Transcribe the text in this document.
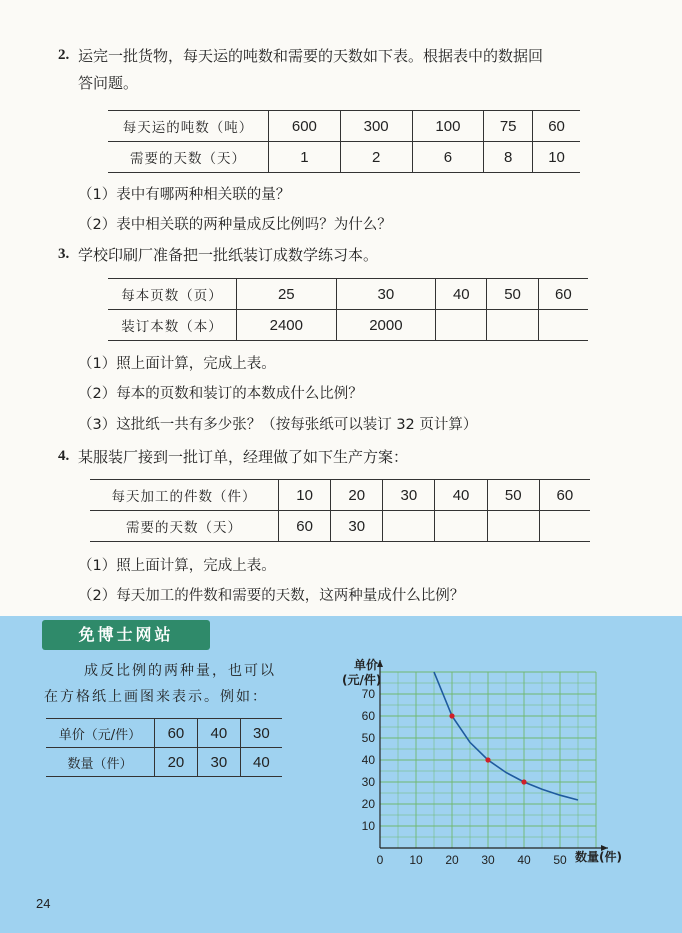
2. 运完一批货物，每天运的吨数和需要的天数如下表。根据表中的数据回
答问题。
每天运的吨数（吨）	600	300	100	75	60
需要的天数（天）	1	2	6	8	10
（1）表中有哪两种相关联的量？
（2）表中相关联的两种量成反比例吗？为什么？
3. 学校印刷厂准备把一批纸装订成数学练习本。
每本页数（页）	25	30	40	50	60
装订本数（本）	2400	2000			
（1）照上面计算，完成上表。
（2）每本的页数和装订的本数成什么比例？
（3）这批纸一共有多少张？（按每张纸可以装订 32 页计算）
4. 某服装厂接到一批订单，经理做了如下生产方案：
每天加工的件数（件）	10	20	30	40	50	60
需要的天数（天）	60	30				
（1）照上面计算，完成上表。
（2）每天加工的件数和需要的天数，这两种量成什么比例？
免博士网站
成反比例的两种量，也可以
在方格纸上画图来表示。例如：
单价（元/件）	60	40	30
数量（件）	20	30	40
0 10 20 30 40 50
10
20
30
40
50
60
70
单价
(元/件)
数量(件)
24
